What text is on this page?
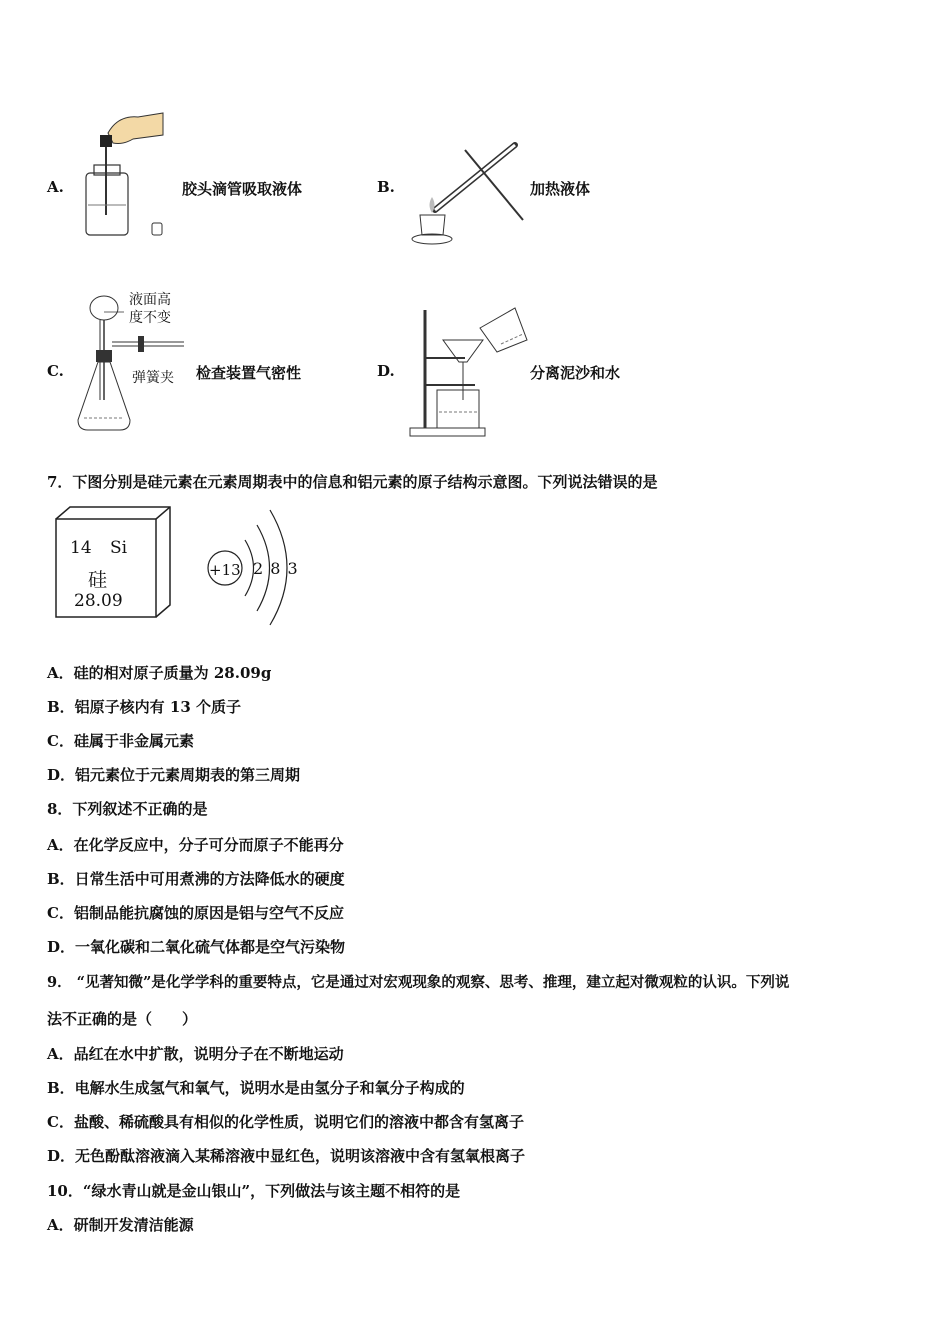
A.	胶头滴管吸取液体	B.	加热液体
C.
液面高
度不变
弹簧夹 检查装置气密性	D.	分离泥沙和水
7．下图分别是硅元素在元素周期表中的信息和铝元素的原子结构示意图。下列说法错误的是
14 Si
硅
28.09
+13 2 8 3
A．硅的相对原子质量为 28.09g
B．铝原子核内有 13 个质子
C．硅属于非金属元素
D．铝元素位于元素周期表的第三周期
8．下列叙述不正确的是
A．在化学反应中，分子可分而原子不能再分
B．日常生活中可用煮沸的方法降低水的硬度
C．铝制品能抗腐蚀的原因是铝与空气不反应
D．一氧化碳和二氧化硫气体都是空气污染物
9． “见著知微”是化学学科的重要特点，它是通过对宏观现象的观察、思考、推理，建立起对微观粒的认识。下列说
法不正确的是（　　）
A．品红在水中扩散，说明分子在不断地运动
B．电解水生成氢气和氧气，说明水是由氢分子和氧分子构成的
C．盐酸、稀硫酸具有相似的化学性质，说明它们的溶液中都含有氢离子
D．无色酚酞溶液滴入某稀溶液中显红色，说明该溶液中含有氢氧根离子
10．“绿水青山就是金山银山”，下列做法与该主题不相符的是
A．研制开发清洁能源
